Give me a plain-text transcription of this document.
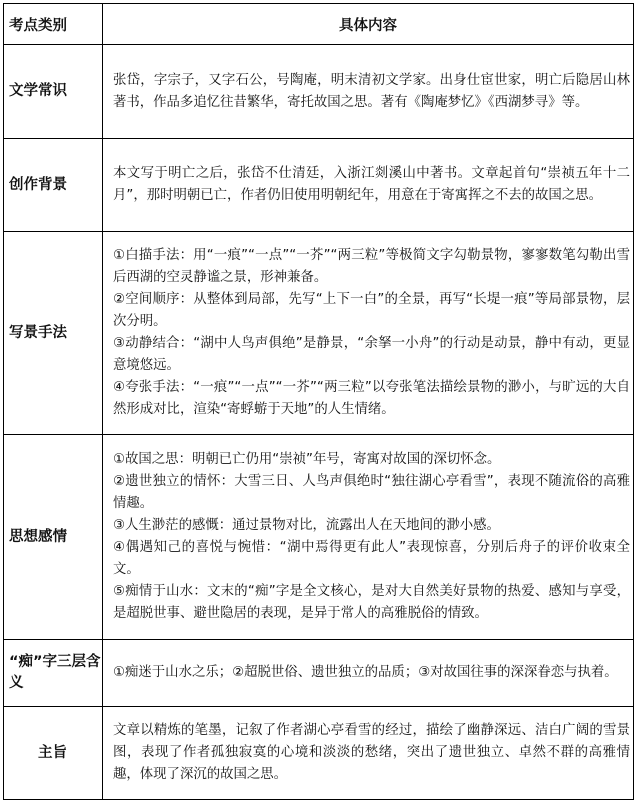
考点类别	具体内容
文学常识	张岱，字宗子，又字石公，号陶庵，明末清初文学家。出身仕宦世家，明亡后隐居山林著书，作品多追忆往昔繁华，寄托故国之思。著有《陶庵梦忆》《西湖梦寻》等。

创作背景	本文写于明亡之后，张岱不仕清廷，入浙江剡溪山中著书。文章起首句“崇祯五年十二月”，那时明朝已亡，作者仍旧使用明朝纪年，用意在于寄寓挥之不去的故国之思。

写景手法	①白描手法：用“一痕”“一点”“一芥”“两三粒”等极简文字勾勒景物，寥寥数笔勾勒出雪后西湖的空灵静谧之景，形神兼备。

②空间顺序：从整体到局部，先写“上下一白”的全景，再写“长堤一痕”等局部景物，层次分明。

③动静结合：“湖中人鸟声俱绝”是静景，“余拏一小舟”的行动是动景，静中有动，更显意境悠远。

④夸张手法：“一痕”“一点”“一芥”“两三粒”以夸张笔法描绘景物的渺小，与旷远的大自然形成对比，渲染“寄蜉蝣于天地”的人生情绪。

思想感情	①故国之思：明朝已亡仍用“崇祯”年号，寄寓对故国的深切怀念。

②遗世独立的情怀：大雪三日、人鸟声俱绝时“独往湖心亭看雪”，表现不随流俗的高雅情趣。

③人生渺茫的感慨：通过景物对比，流露出人在天地间的渺小感。

④偶遇知己的喜悦与惋惜：“湖中焉得更有此人”表现惊喜，分别后舟子的评价收束全文。

⑤痴情于山水：文末的“痴”字是全文核心，是对大自然美好景物的热爱、感知与享受，是超脱世事、避世隐居的表现，是异于常人的高雅脱俗的情致。

“痴”字三层含义	①痴迷于山水之乐；②超脱世俗、遗世独立的品质；③对故国往事的深深眷恋与执着。

主旨	文章以精炼的笔墨，记叙了作者湖心亭看雪的经过，描绘了幽静深远、洁白广阔的雪景图，表现了作者孤独寂寞的心境和淡淡的愁绪，突出了遗世独立、卓然不群的高雅情趣，体现了深沉的故国之思。
